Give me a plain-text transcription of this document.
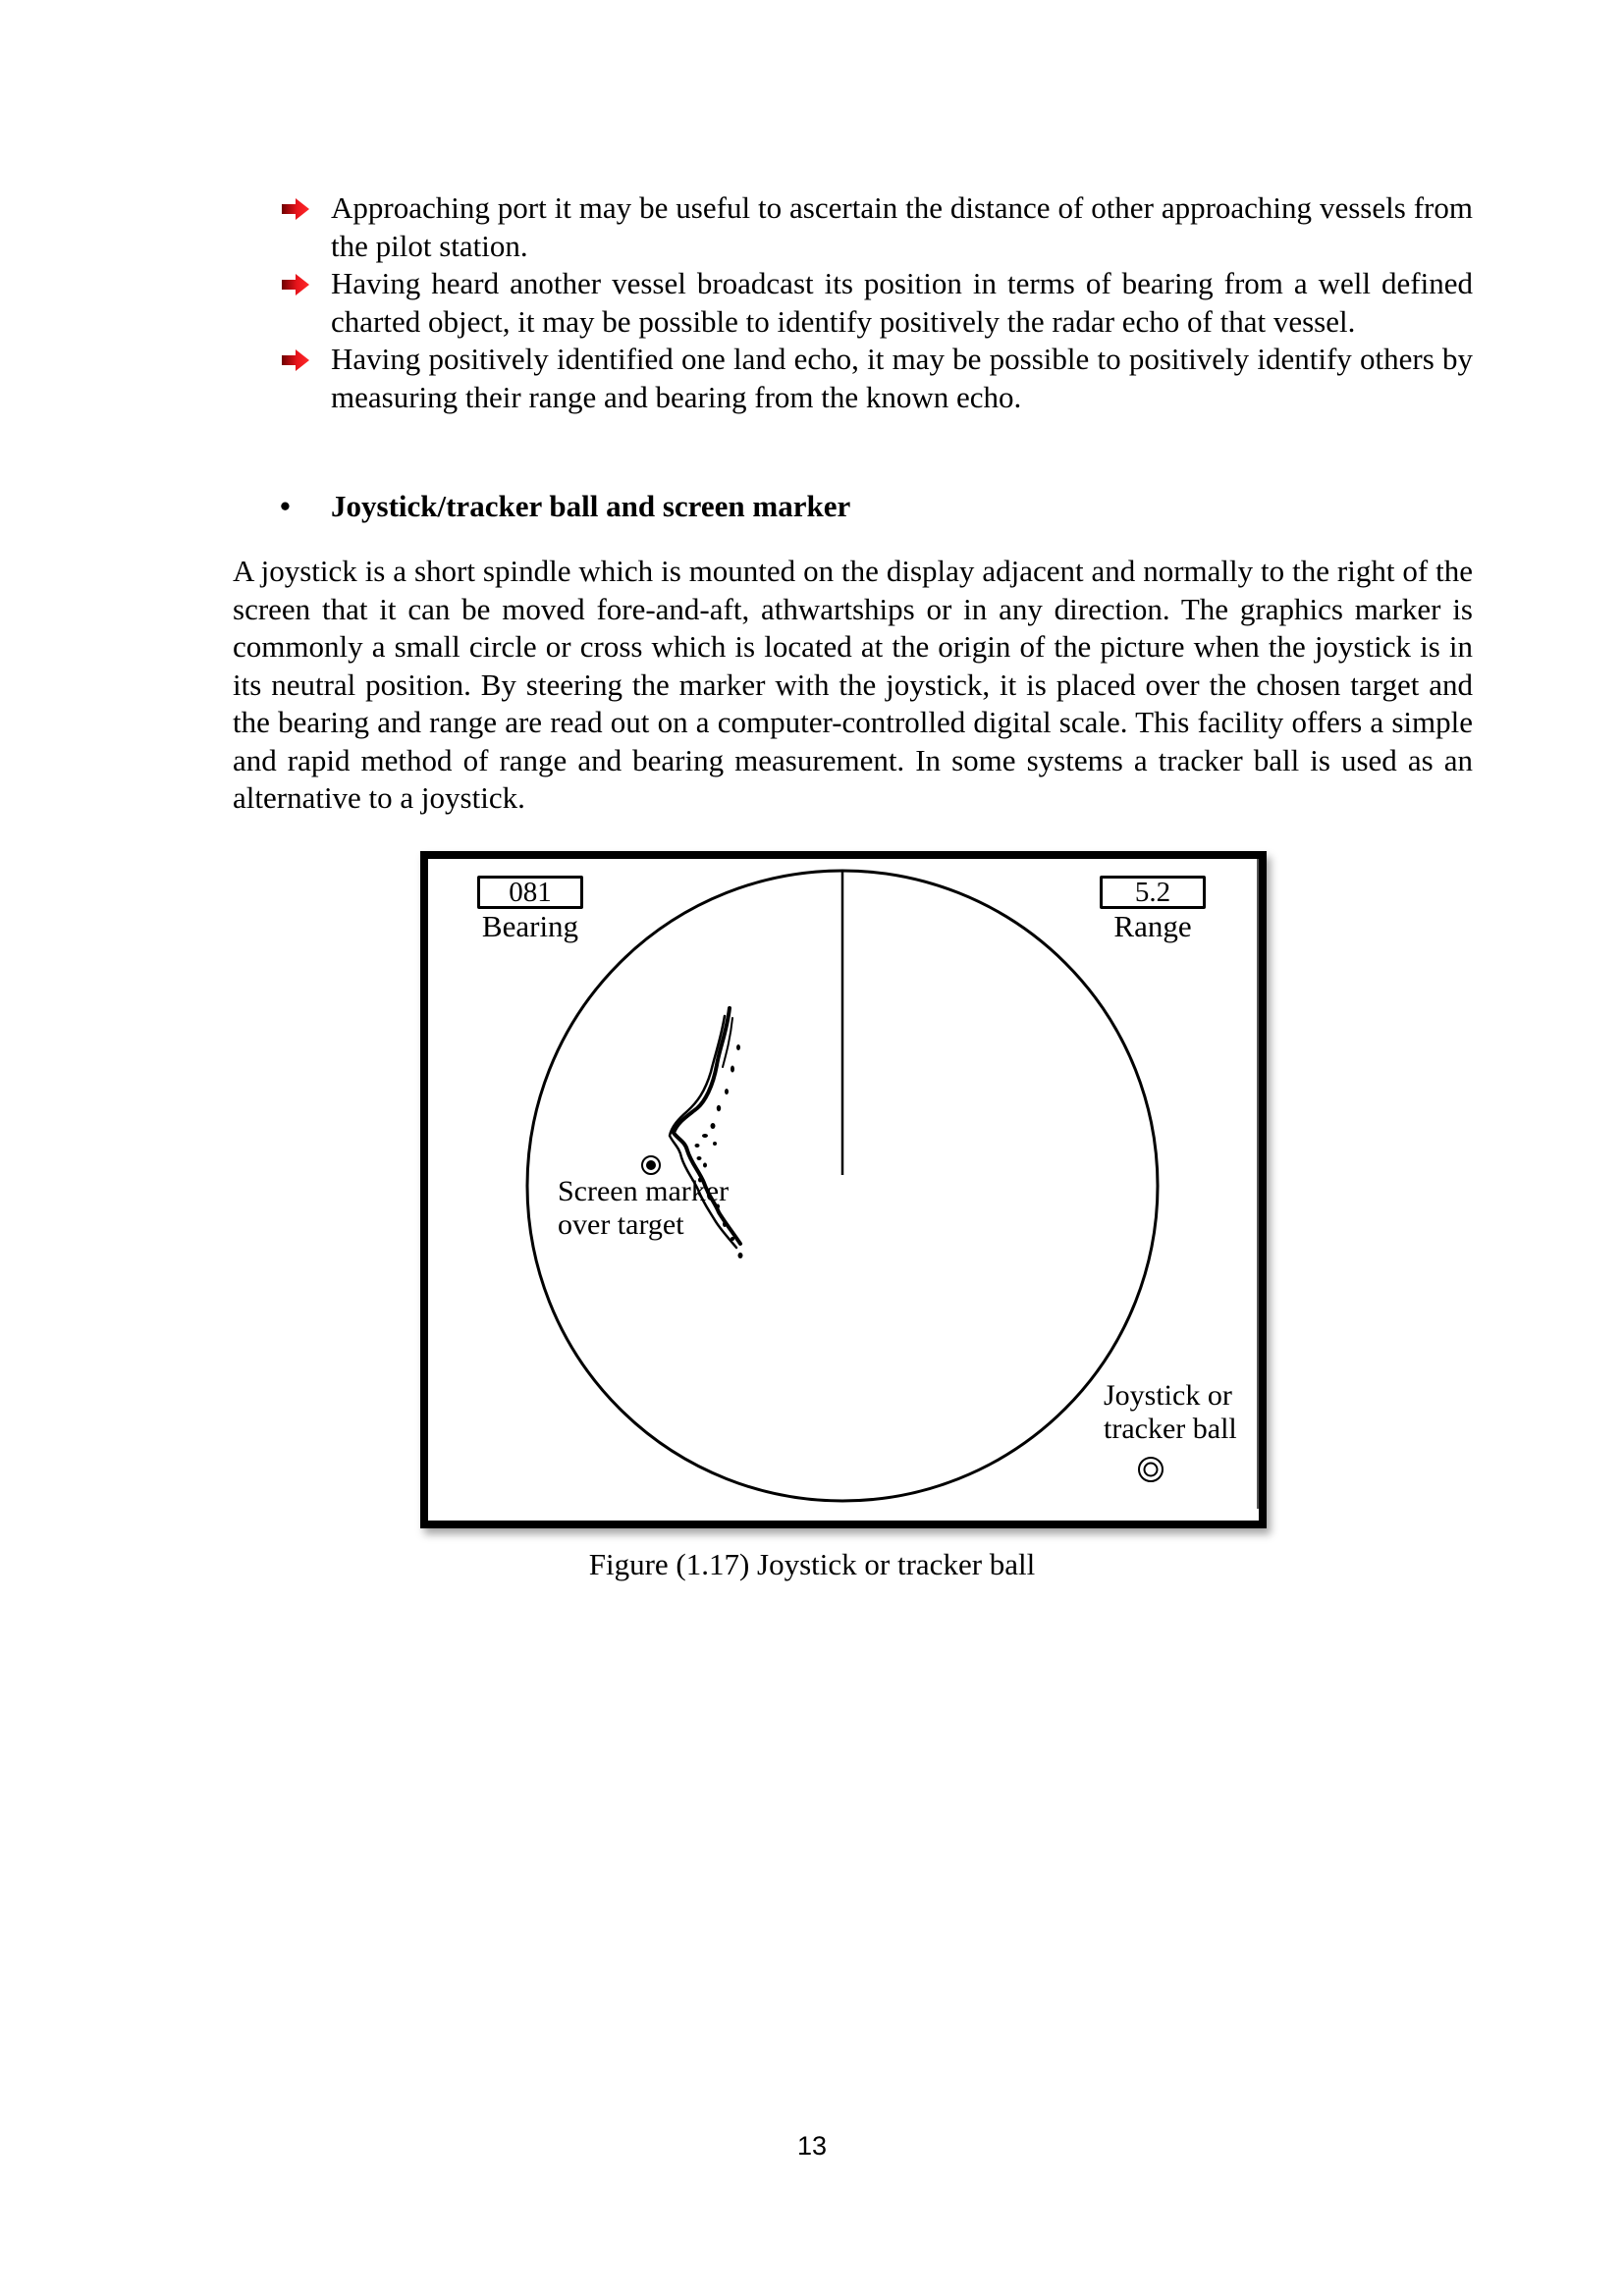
Approaching port it may be useful to ascertain the distance of other approaching vessels from the pilot station.
Having heard another vessel broadcast its position in terms of bearing from a well defined charted object, it may be possible to identify positively the radar echo of that vessel.
Having positively identified one land echo, it may be possible to positively identify others by measuring their range and bearing from the known echo.
• Joystick/tracker ball and screen marker

A joystick is a short spindle which is mounted on the display adjacent and normally to the right of the screen that it can be moved fore-and-aft, athwartships or in any direction. The graphics marker is commonly a small circle or cross which is located at the origin of the picture when the joystick is in its neutral position. By steering the marker with the joystick, it is placed over the chosen target and the bearing and range are read out on a computer-controlled digital scale. This facility offers a simple and rapid method of range and bearing measurement. In some systems a tracker ball is used as an alternative to a joystick.

081
Bearing
5.2
Range
Screen marker
over target
Joystick or
tracker ball
Figure (1.17) Joystick or tracker ball
13
